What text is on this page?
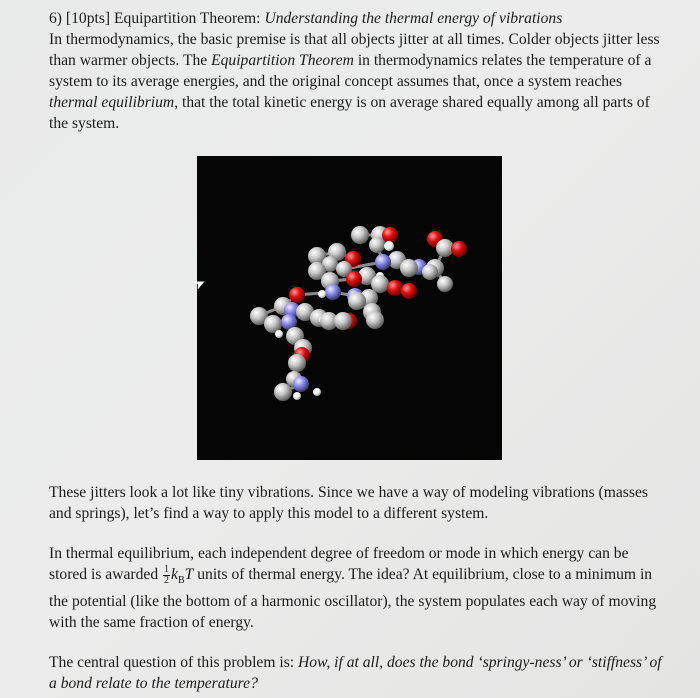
6) [10pts] Equipartition Theorem: Understanding the thermal energy of vibrations
In thermodynamics, the basic premise is that all objects jitter at all times. Colder objects jitter less than warmer objects. The Equipartition Theorem in thermodynamics relates the temperature of a system to its average energies, and the original concept assumes that, once a system reaches thermal equilibrium, that the total kinetic energy is on average shared equally among all parts of the system.

➤

These jitters look a lot like tiny vibrations. Since we have a way of modeling vibrations (masses and springs), let’s find a way to apply this model to a different system.

In thermal equilibrium, each independent degree of freedom or mode in which energy can be stored is awarded $\frac{1}{2} k_BT$ units of thermal energy. The idea? At equilibrium, close to a minimum in the potential (like the bottom of a harmonic oscillator), the system populates each way of moving with the same fraction of energy.

The central question of this problem is: How, if at all, does the bond ‘springy-ness’ or ‘stiffness’ of a bond relate to the temperature?
